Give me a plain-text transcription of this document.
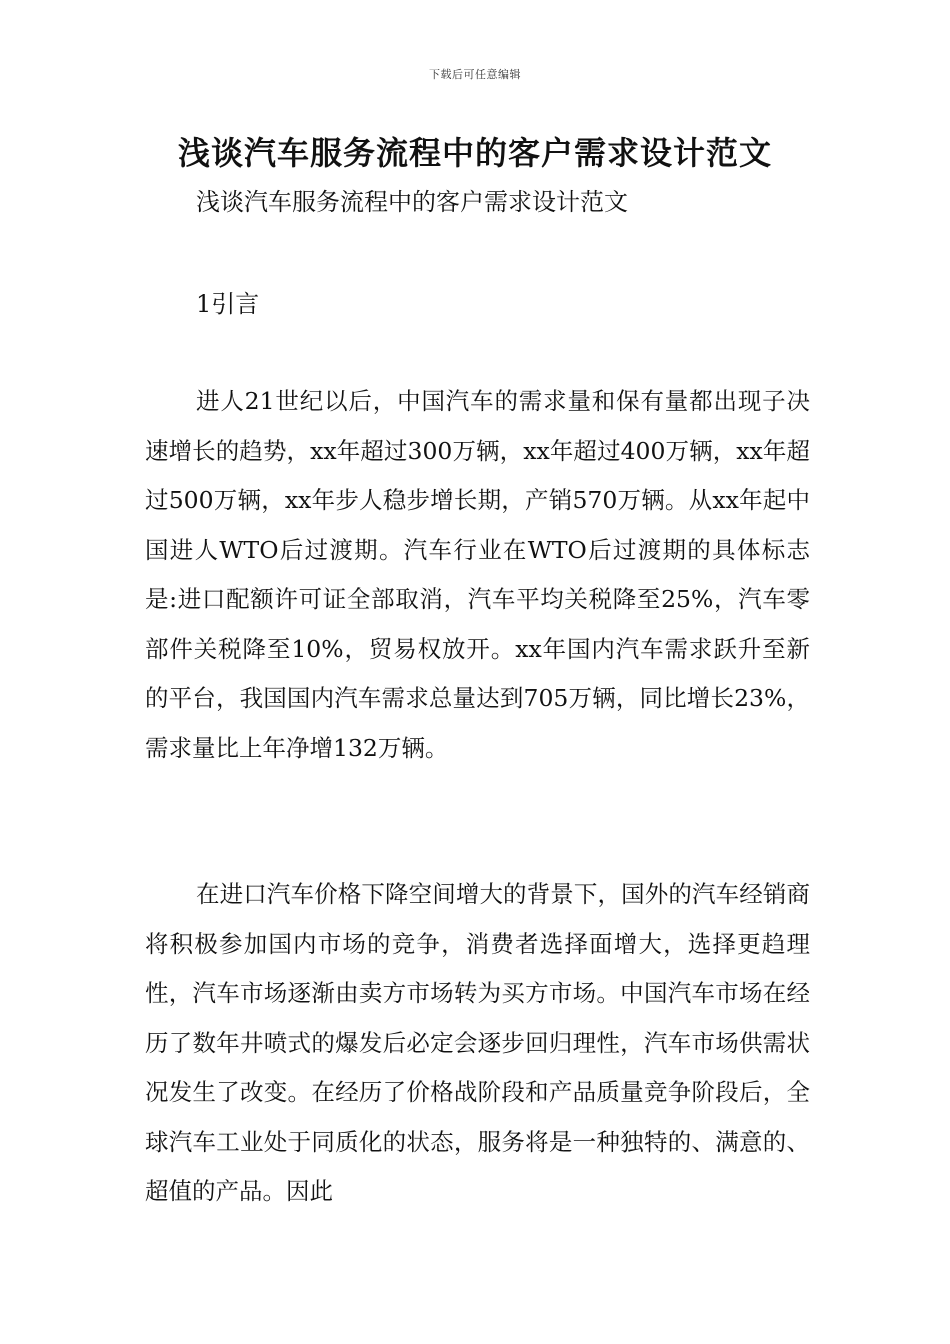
下载后可任意编辑
浅谈汽车服务流程中的客户需求设计范文

浅谈汽车服务流程中的客户需求设计范文

1引言

进人21世纪以后，中国汽车的需求量和保有量都出现子决速增长的趋势，xx年超过300万辆，xx年超过400万辆，xx年超过500万辆，xx年步人稳步增长期，产销570万辆。从xx年起中国进人WTO后过渡期。汽车行业在WTO后过渡期的具体标志是:进口配额许可证全部取消，汽车平均关税降至25%，汽车零部件关税降至10%，贸易权放开。xx年国内汽车需求跃升至新的平台，我国国内汽车需求总量达到705万辆，同比增长23%，需求量比上年净增132万辆。

在进口汽车价格下降空间增大的背景下，国外的汽车经销商将积极参加国内市场的竞争，消费者选择面增大，选择更趋理性，汽车市场逐渐由卖方市场转为买方市场。中国汽车市场在经历了数年井喷式的爆发后必定会逐步回归理性，汽车市场供需状况发生了改变。在经历了价格战阶段和产品质量竞争阶段后，全球汽车工业处于同质化的状态，服务将是一种独特的、满意的、超值的产品。因此
